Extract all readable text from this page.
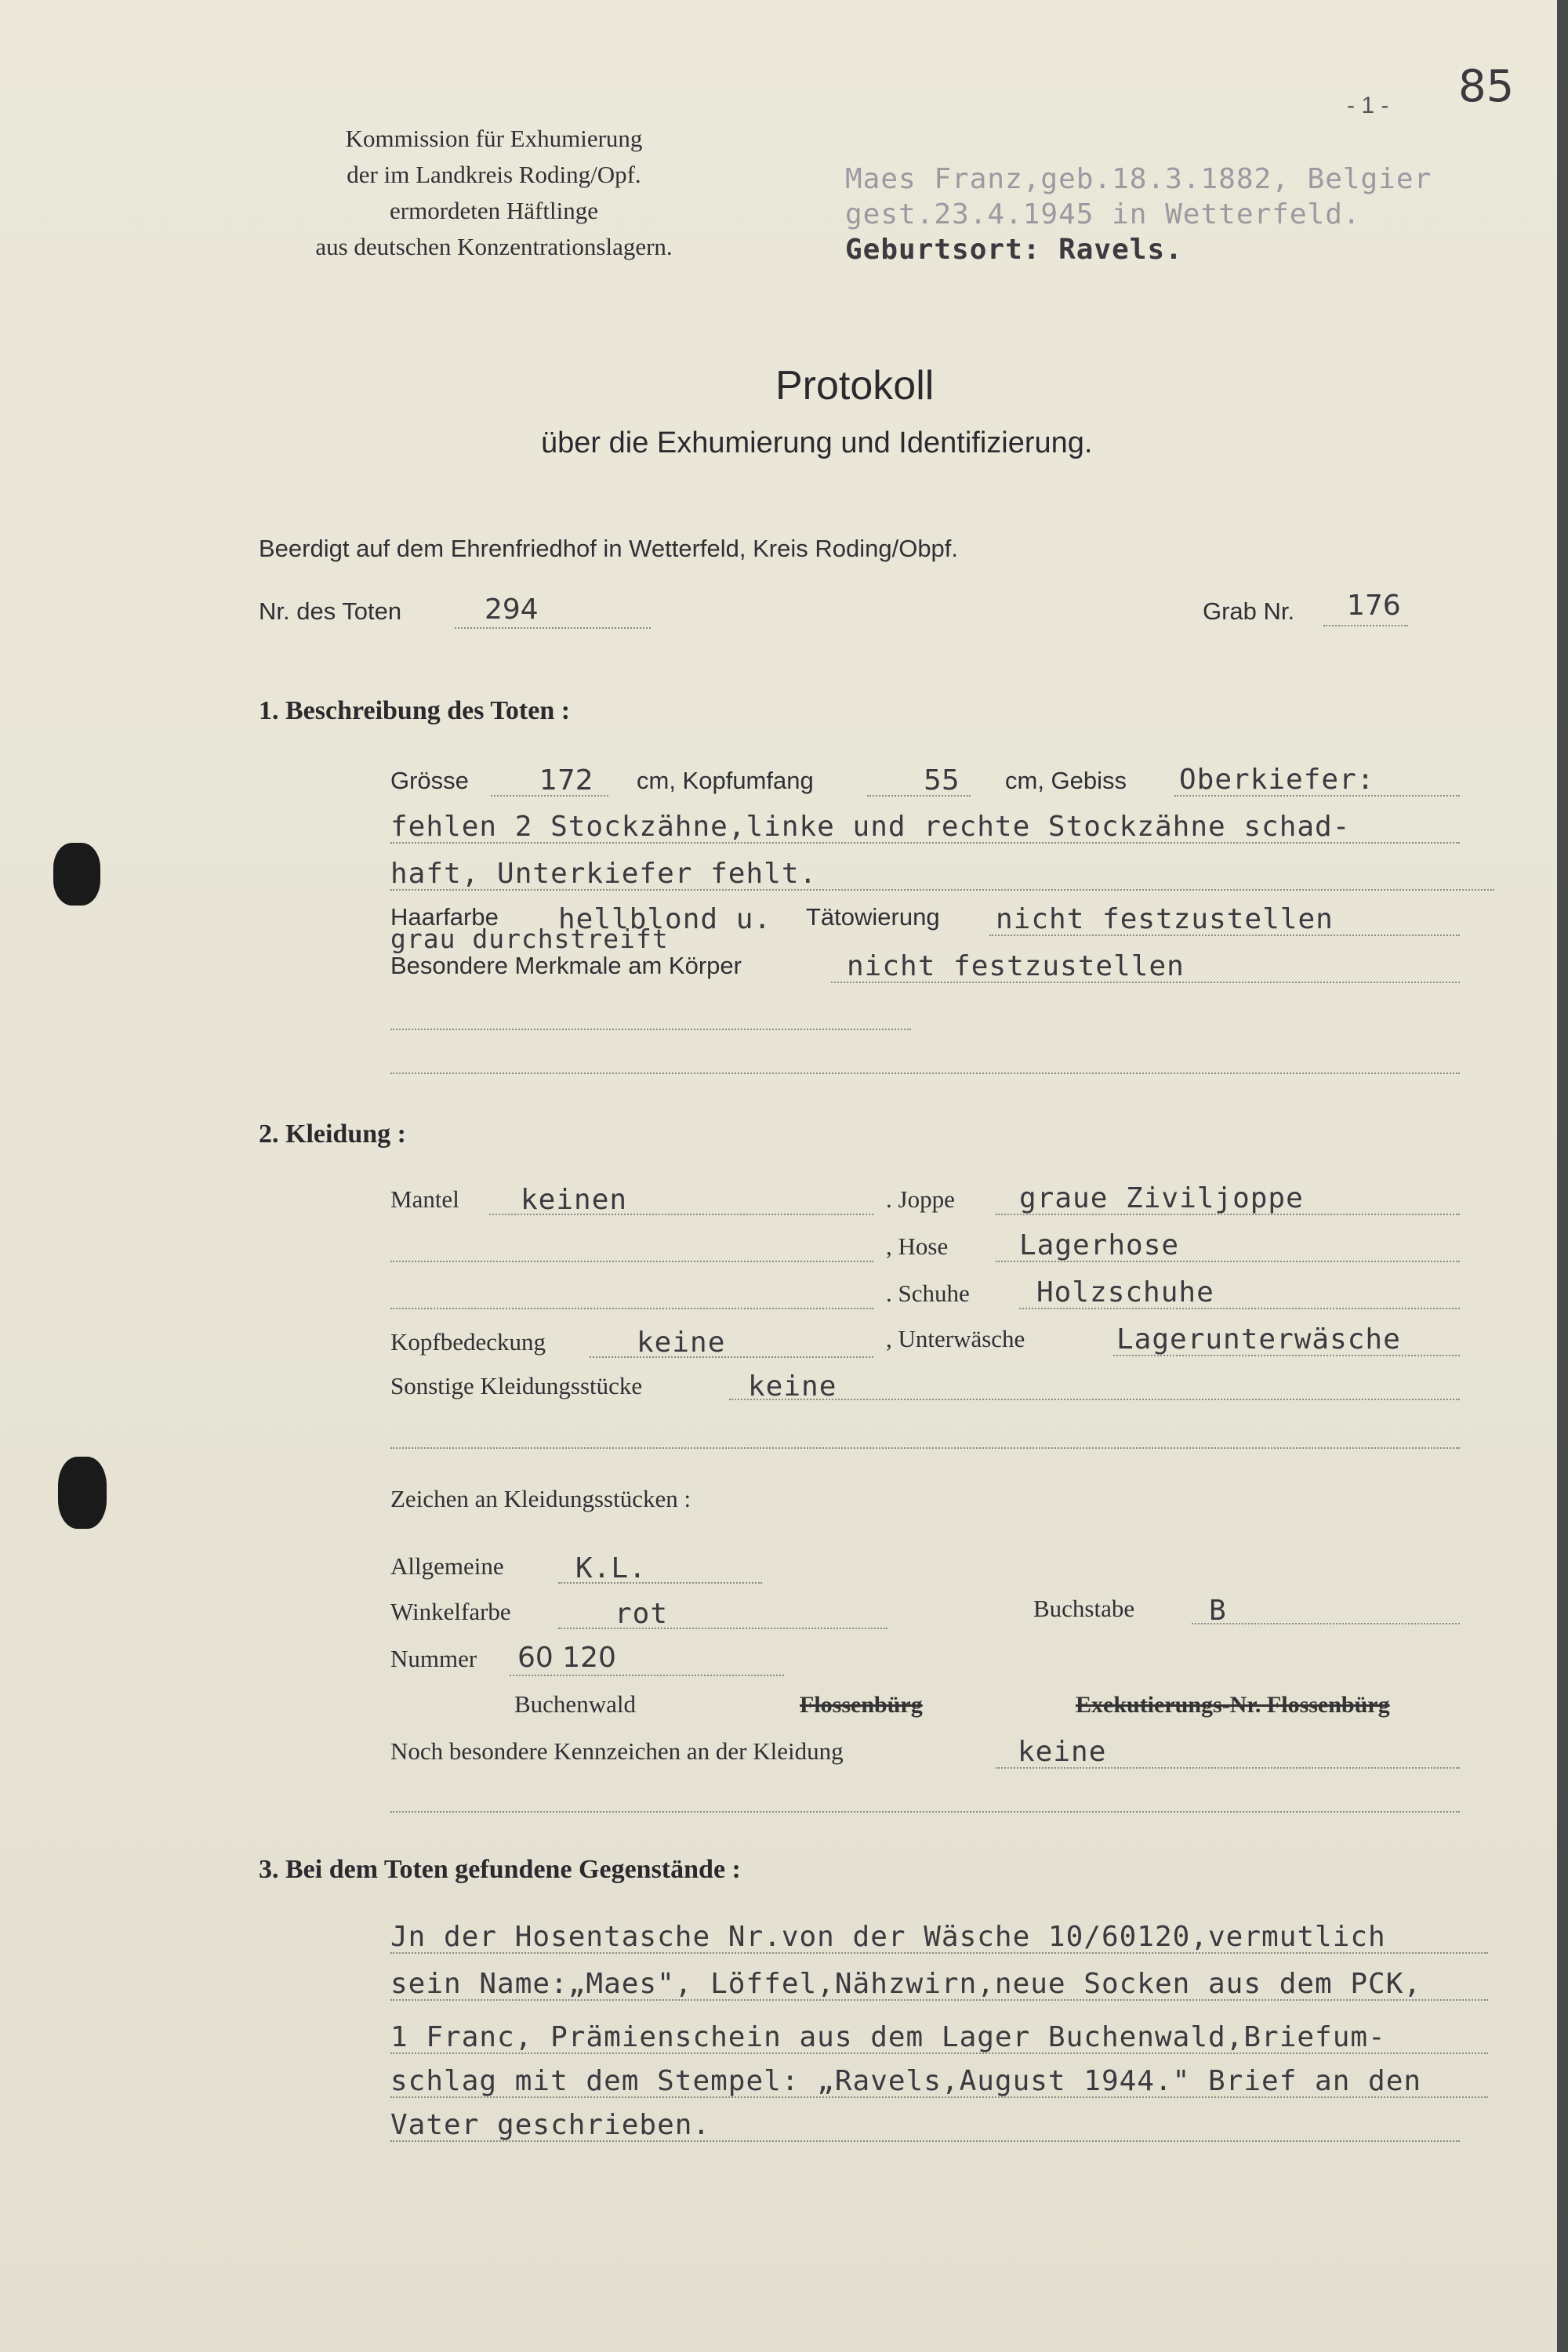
- 1 - 85
Kommission für Exhumierung
der im Landkreis Roding/Opf.
ermordeten Häftlinge
aus deutschen Konzentrationslagern.
Maes Franz,geb.18.3.1882, Belgier
gest.23.4.1945 in Wetterfeld.
Geburtsort: Ravels.
Protokoll
über die Exhumierung und Identifizierung.
Beerdigt auf dem Ehrenfriedhof in Wetterfeld, Kreis Roding/Obpf.
Nr. des Toten	294	Grab Nr. 176
1. Beschreibung des Toten :
Grösse	172 cm, Kopfumfang	55 cm, Gebiss Oberkiefer:
fehlen 2 Stockzähne,linke und rechte Stockzähne schad-
haft, Unterkiefer fehlt.
Haarfarbe hellblond u.
grau durchstreift
Tätowierung nicht festzustellen
Besondere Merkmale am Körper	nicht festzustellen
2. Kleidung :
Mantel keinen	. Joppe graue Ziviljoppe
, Hose	Lagerhose
. Schuhe Holzschuhe
Kopfbedeckung	keine	, Unterwäsche	Lagerunterwäsche
Sonstige Kleidungsstücke	keine
Zeichen an Kleidungsstücken :
Allgemeine	K.L.
Winkelfarbe	rot	Buchstabe	B
Nummer 60 120
Buchenwald	Flossenbürg	Exekutierungs-Nr. Flossenbürg
Noch besondere Kennzeichen an der Kleidung	keine
3. Bei dem Toten gefundene Gegenstände :
Jn der Hosentasche Nr.von der Wäsche 10/60120,vermutlich
sein Name:„Maes", Löffel,Nähzwirn,neue Socken aus dem PCK,
1 Franc, Prämienschein aus dem Lager Buchenwald,Briefum-
schlag mit dem Stempel: „Ravels,August 1944." Brief an den
Vater geschrieben.
